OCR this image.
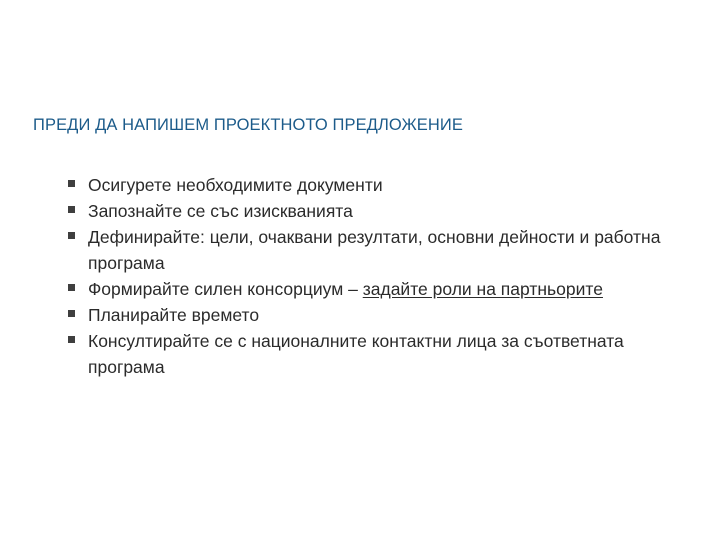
ПРЕДИ ДА НАПИШЕМ ПРОЕКТНОТО ПРЕДЛОЖЕНИЕ
Осигурете необходимите документи
Запознайте се със изискванията
Дефинирайте: цели, очаквани резултати, основни дейности и работна програма
Формирайте силен консорциум – задайте роли на партньорите
Планирайте времето
Консултирайте се с националните контактни лица за съответната програма
